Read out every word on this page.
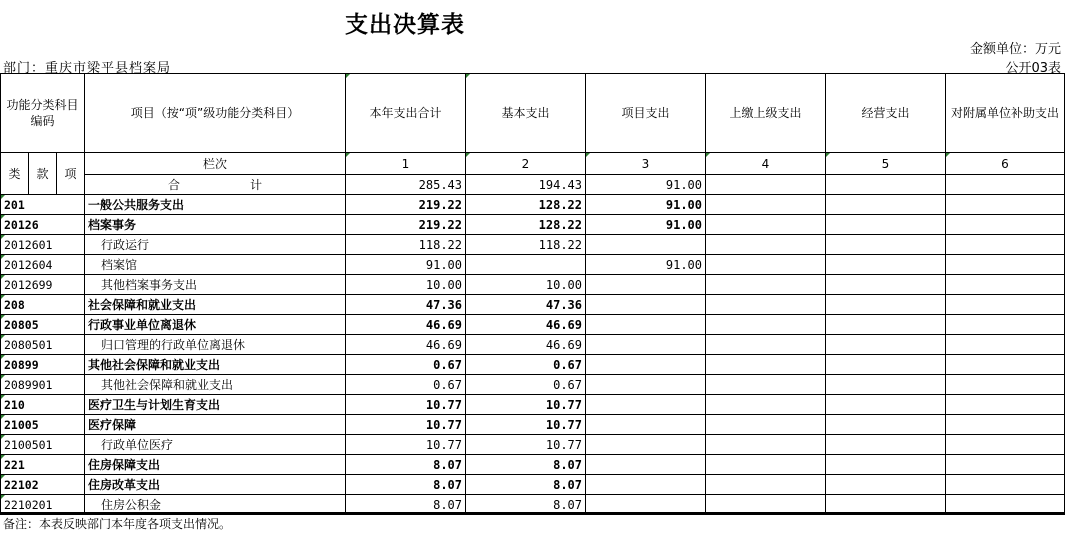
支出决算表
金额单位：万元
部门：重庆市梁平县档案局	公开03表
功能分类科目编码			项目（按“项”级功能分类科目）	本年支出合计	基本支出	项目支出	上缴上级支出	经营支出	对附属单位补助支出
类	款	项	栏次	1	2	3	4	5	6
			合 计	285.43	194.43	91.00			
201			一般公共服务支出	219.22	128.22	91.00			
20126			档案事务	219.22	128.22	91.00			
2012601			行政运行	118.22	118.22				
2012604			档案馆	91.00		91.00			
2012699			其他档案事务支出	10.00	10.00				
208			社会保障和就业支出	47.36	47.36				
20805			行政事业单位离退休	46.69	46.69				
2080501			归口管理的行政单位离退休	46.69	46.69				
20899			其他社会保障和就业支出	0.67	0.67				
2089901			其他社会保障和就业支出	0.67	0.67				
210			医疗卫生与计划生育支出	10.77	10.77				
21005			医疗保障	10.77	10.77				
2100501			行政单位医疗	10.77	10.77				
221			住房保障支出	8.07	8.07				
22102			住房改革支出	8.07	8.07				
2210201			住房公积金	8.07	8.07				
备注：本表反映部门本年度各项支出情况。
